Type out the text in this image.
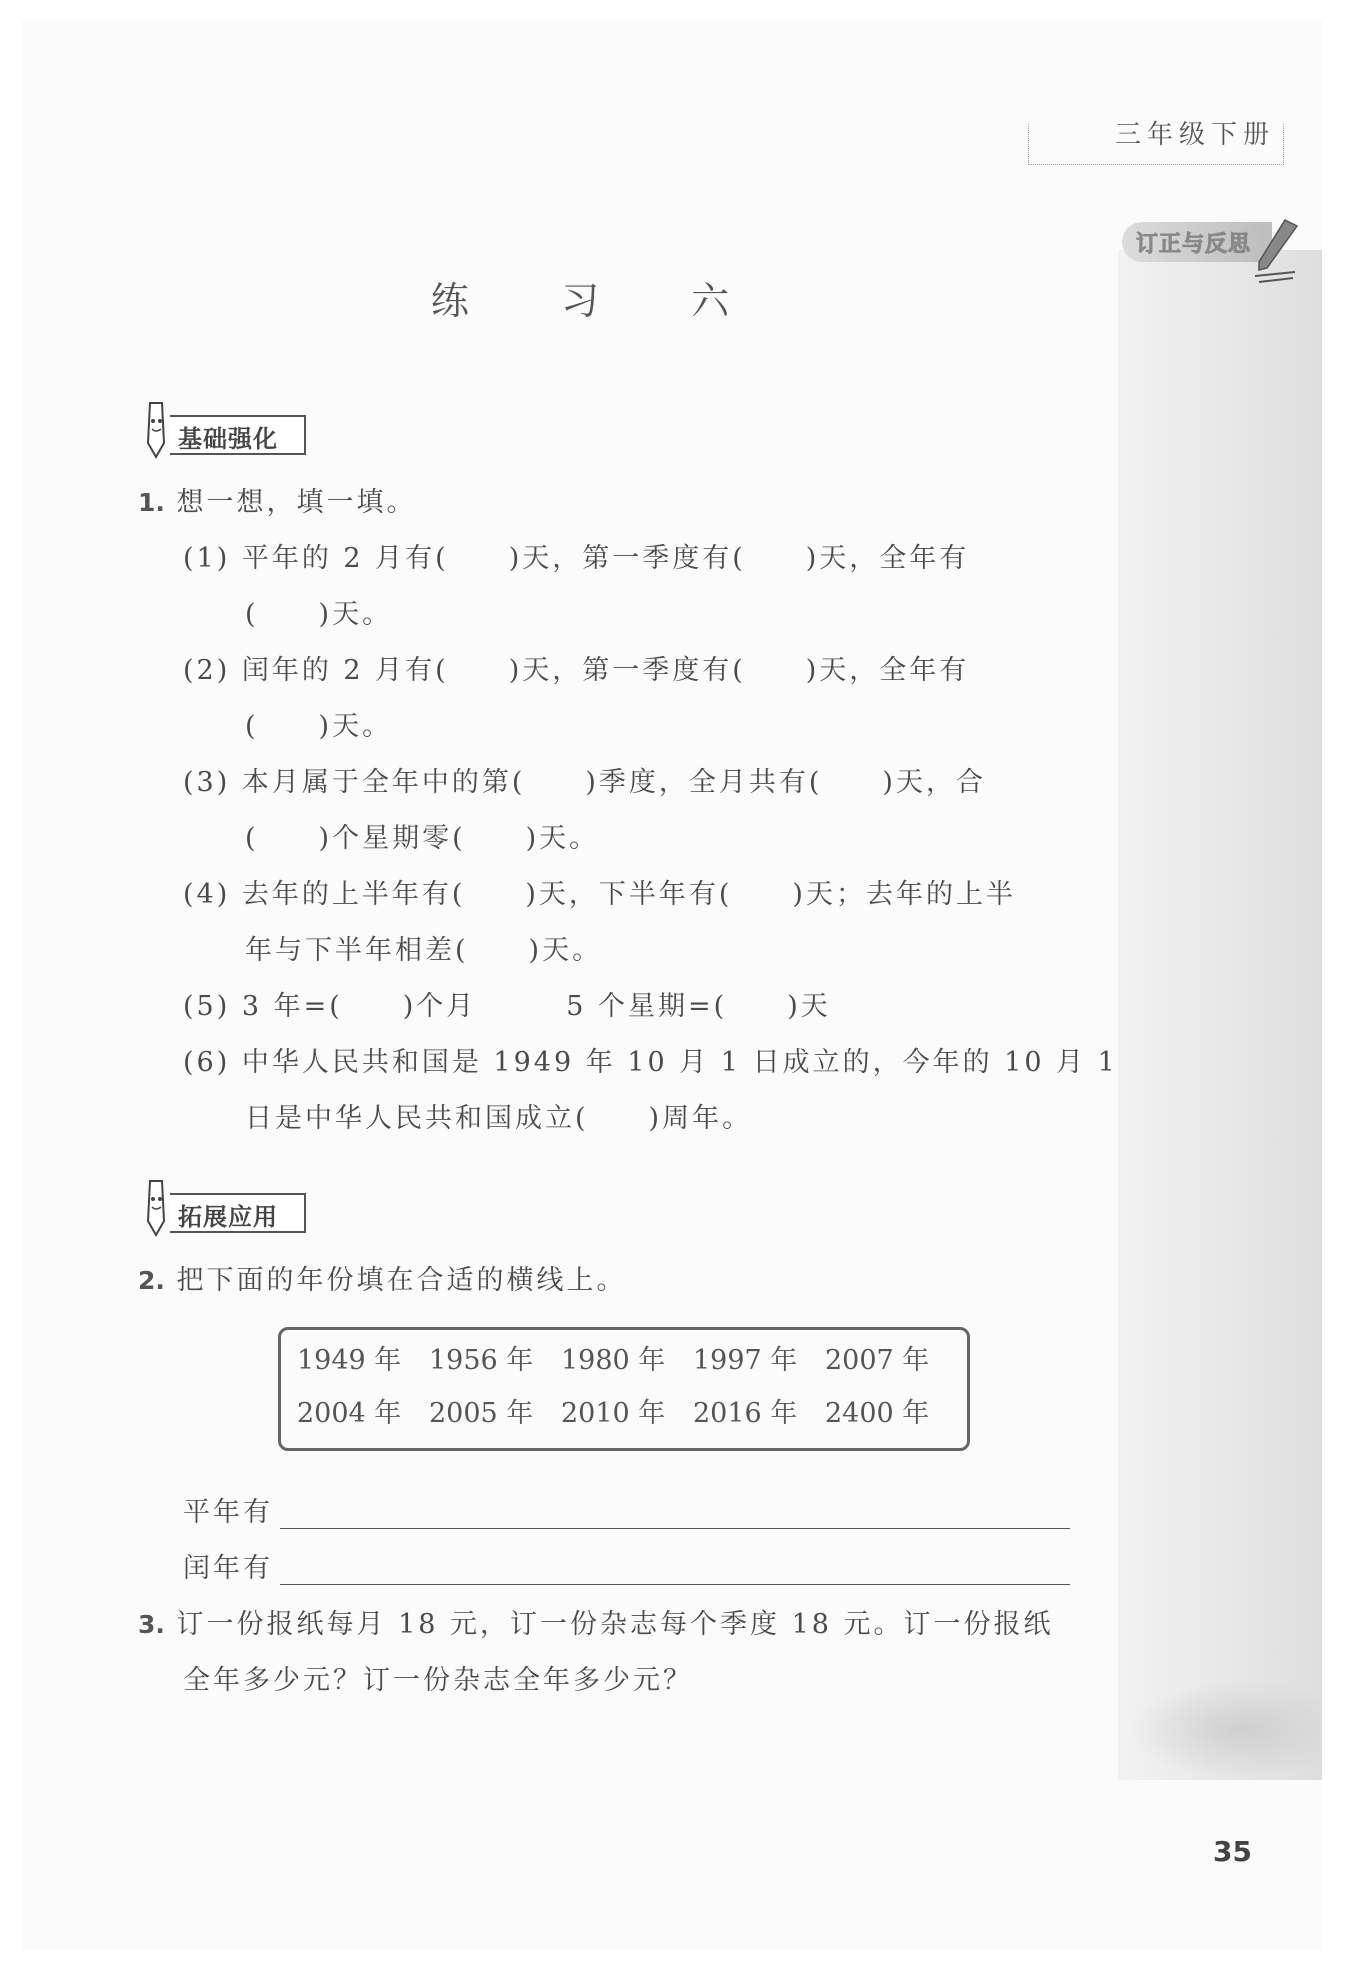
三年级下册
订正与反思
练 习 六
基础强化
1. 想一想，填一填。
(1) 平年的 2 月有(　　)天，第一季度有(　　)天，全年有
(　　)天。
(2) 闰年的 2 月有(　　)天，第一季度有(　　)天，全年有
(　　)天。
(3) 本月属于全年中的第(　　)季度，全月共有(　　)天，合
(　　)个星期零(　　)天。
(4) 去年的上半年有(　　)天，下半年有(　　)天；去年的上半
年与下半年相差(　　)天。
(5) 3 年=(　　)个月　　　5 个星期=(　　)天
(6) 中华人民共和国是 1949 年 10 月 1 日成立的，今年的 10 月 1
日是中华人民共和国成立(　　)周年。
拓展应用
2. 把下面的年份填在合适的横线上。
1949 年	1956 年	1980 年	1997 年	2007 年
2004 年	2005 年	2010 年	2016 年	2400 年
平年有
闰年有
3. 订一份报纸每月 18 元，订一份杂志每个季度 18 元。订一份报纸
全年多少元？订一份杂志全年多少元？
35
